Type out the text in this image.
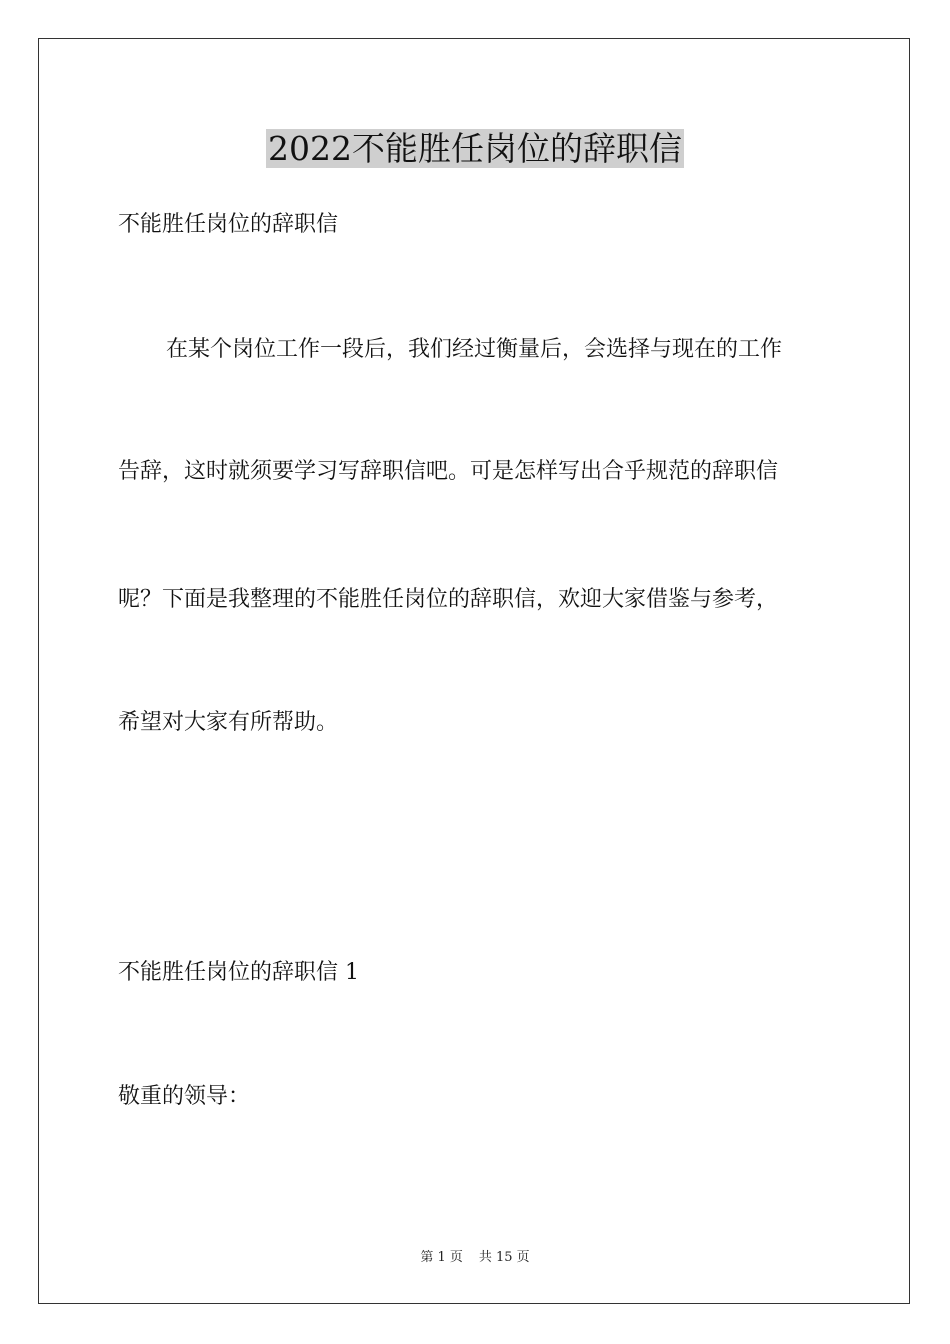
2022不能胜任岗位的辞职信

不能胜任岗位的辞职信

在某个岗位工作一段后，我们经过衡量后，会选择与现在的工作

告辞，这时就须要学习写辞职信吧。可是怎样写出合乎规范的辞职信

呢？下面是我整理的不能胜任岗位的辞职信，欢迎大家借鉴与参考，

希望对大家有所帮助。

不能胜任岗位的辞职信 1

敬重的领导：

第 1 页 共 15 页
